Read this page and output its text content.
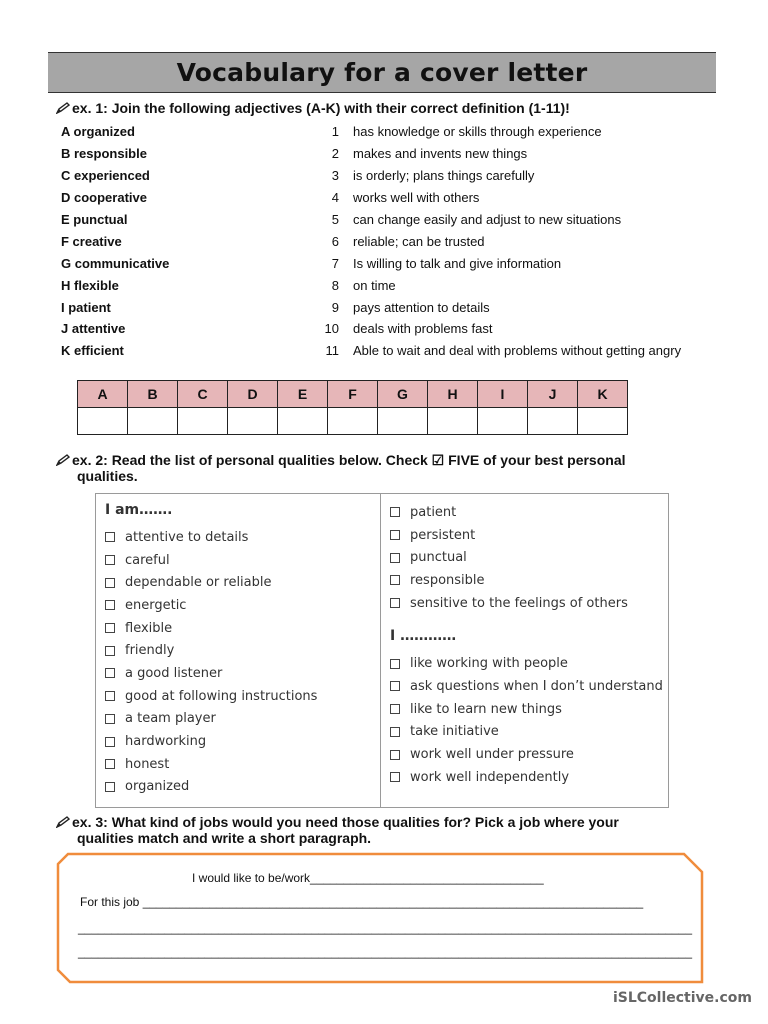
Vocabulary for a cover letter
ex. 1: Join the following adjectives (A-K) with their correct definition (1-11)!
A organized	1 has knowledge or skills through experience
B responsible	2 makes and invents new things
C experienced	3 is orderly; plans things carefully
D cooperative	4 works well with others
E punctual	5 can change easily and adjust to new situations
F creative	6 reliable; can be trusted
G communicative	7 Is willing to talk and give information
H flexible	8 on time
I patient	9 pays attention to details
J attentive	10 deals with problems fast
K efficient	11 Able to wait and deal with problems without getting angry
A	B	C	D	E	F	G	H	I	J	K

ex. 2: Read the list of personal qualities below. Check ☑ FIVE of your best personal
qualities.
I am…….
attentive to details
careful
dependable or reliable
energetic
flexible
friendly
a good listener
good at following instructions
a team player
hardworking
honest
organized
patient
persistent
punctual
responsible
sensitive to the feelings of others
I …………
like working with people
ask questions when I don’t understand
like to learn new things
take initiative
work well under pressure
work well independently
ex. 3: What kind of jobs would you need those qualities for? Pick a job where your
qualities match and write a short paragraph.
I would like to be/work___________________________________
For this job ___________________________________________________________________________
____________________________________________________________________________________________
____________________________________________________________________________________________
iSLCollective.com
